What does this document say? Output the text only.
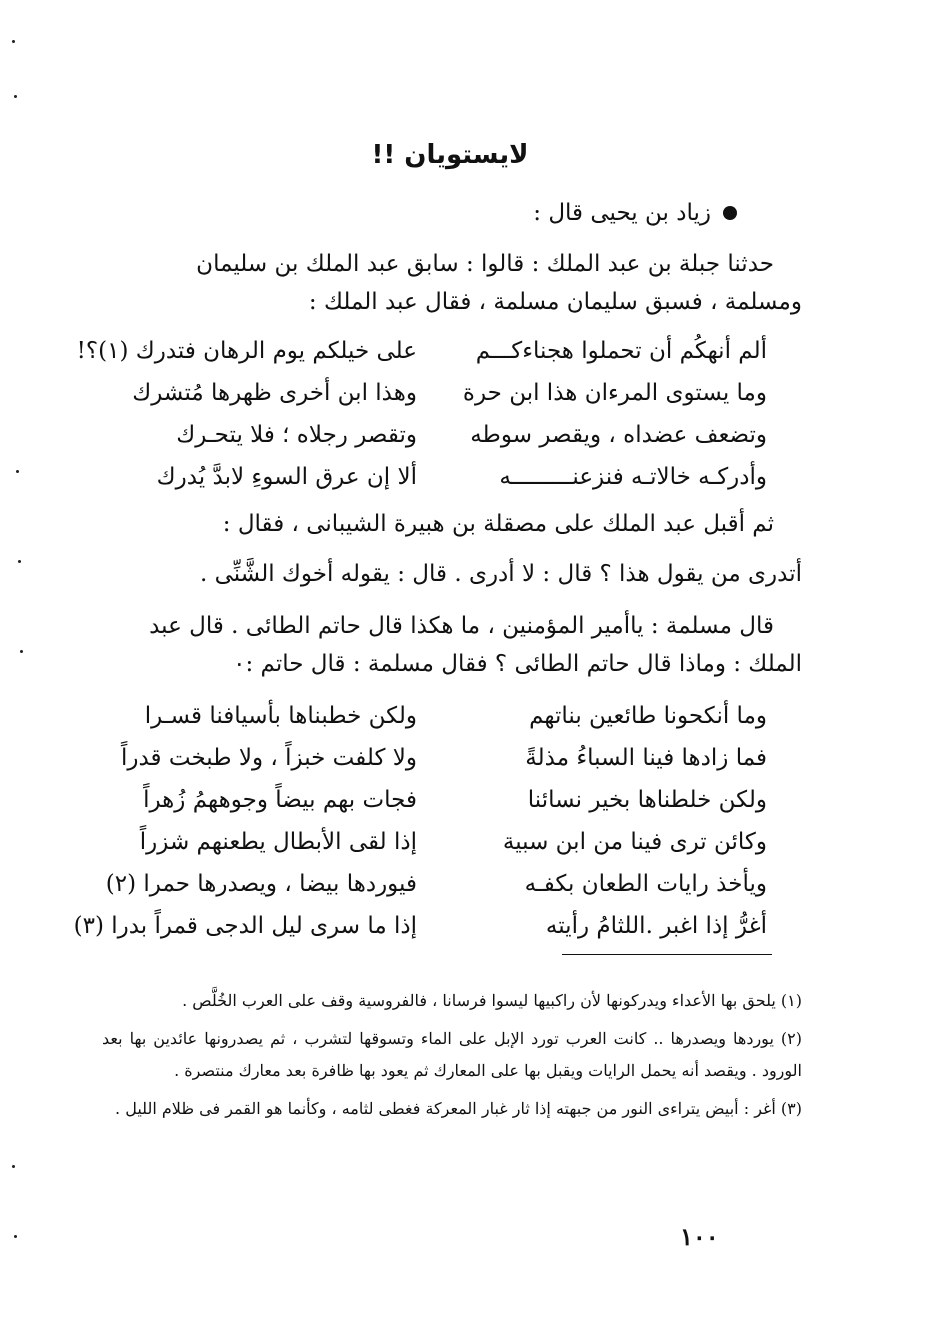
لايستويان !!
زياد بن يحيى قال :

حدثنا جبلة بن عبد الملك : قالوا : سابق عبد الملك بن سليمان

ومسلمة ، فسبق سليمان مسلمة ، فقال عبد الملك :

ألم أنهكُم أن تحملوا هجناءكـــم
على خيلكم يوم الرهان فتدرك (١)؟!
وما يستوى المرءان هذا ابن حرة
وهذا ابن أخرى ظهرها مُتشرك
وتضعف عضداه ، ويقصر سوطه
وتقصر رجلاه ؛ فلا يتحـرك
وأدركـه خالاتـه فنزعنـــــــــه
ألا إن عرق السوءِ لابدَّ يُدرك

ثم أقبل عبد الملك على مصقلة بن هبيرة الشيبانى ، فقال :

أتدرى من يقول هذا ؟ قال : لا أدرى . قال : يقوله أخوك الشَّنِّى .

قال مسلمة : ياأمير المؤمنين ، ما هكذا قال حاتم الطائى . قال عبد

الملك : وماذا قال حاتم الطائى ؟ فقال مسلمة : قال حاتم :٠

وما أنكحونا طائعين بناتهم
ولكن خطبناها بأسيافنا قسـرا
فما زادها فينا السباءُ مذلةً
ولا كلفت خبزاً ، ولا طبخت قدراً
ولكن خلطناها بخير نسائنا
فجات بهم بيضاً وجوههمُ زُهراً
وكائن ترى فينا من ابن سبية
إذا لقى الأبطال يطعنهم شزراً
ويأخذ رايات الطعان بكفـه
فيوردها بيضا ، ويصدرها حمرا (٢)
أغرُّ إذا اغبر .اللثامُ رأيته
إذا ما سرى ليل الدجى قمراً بدرا (٣)

(١) يلحق بها الأعداء ويدركونها لأن راكبيها ليسوا فرسانا ، فالفروسية وقف على العرب الخُلَّص .

(٢) يوردها ويصدرها .. كانت العرب تورد الإبل على الماء وتسوقها لتشرب ، ثم يصدرونها عائدين بها بعد الورود . ويقصد أنه يحمل الرايات ويقبل بها على المعارك ثم يعود بها ظافرة بعد معارك منتصرة .

(٣) أغر : أبيض يتراءى النور من جبهته إذا ثار غبار المعركة فغطى لثامه ، وكأنما هو القمر فى ظلام الليل .

١٠٠
